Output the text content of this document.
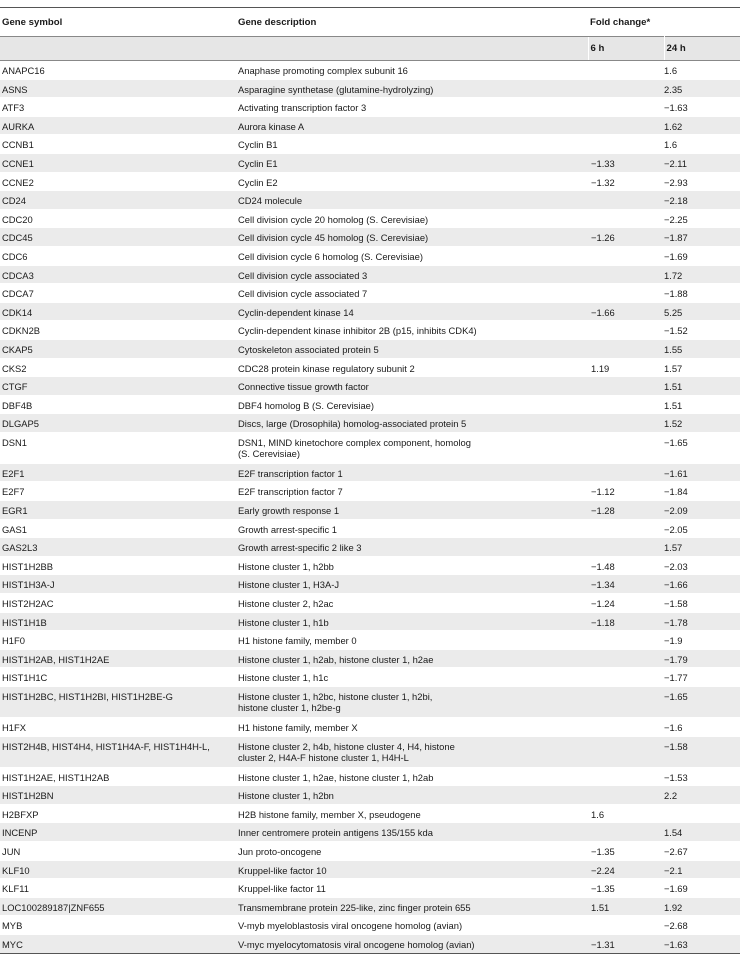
Gene symbol	Gene description	Fold change*	
		6 h	24 h
ANAPC16	Anaphase promoting complex subunit 16		1.6
ASNS	Asparagine synthetase (glutamine-hydrolyzing)		2.35
ATF3	Activating transcription factor 3		−1.63
AURKA	Aurora kinase A		1.62
CCNB1	Cyclin B1		1.6
CCNE1	Cyclin E1	−1.33	−2.11
CCNE2	Cyclin E2	−1.32	−2.93
CD24	CD24 molecule		−2.18
CDC20	Cell division cycle 20 homolog (S. Cerevisiae)		−2.25
CDC45	Cell division cycle 45 homolog (S. Cerevisiae)	−1.26	−1.87
CDC6	Cell division cycle 6 homolog (S. Cerevisiae)		−1.69
CDCA3	Cell division cycle associated 3		1.72
CDCA7	Cell division cycle associated 7		−1.88
CDK14	Cyclin-dependent kinase 14	−1.66	5.25
CDKN2B	Cyclin-dependent kinase inhibitor 2B (p15, inhibits CDK4)		−1.52
CKAP5	Cytoskeleton associated protein 5		1.55
CKS2	CDC28 protein kinase regulatory subunit 2	1.19	1.57
CTGF	Connective tissue growth factor		1.51
DBF4B	DBF4 homolog B (S. Cerevisiae)		1.51
DLGAP5	Discs, large (Drosophila) homolog-associated protein 5		1.52
DSN1	DSN1, MIND kinetochore complex component, homolog
(S. Cerevisiae)		−1.65
E2F1	E2F transcription factor 1		−1.61
E2F7	E2F transcription factor 7	−1.12	−1.84
EGR1	Early growth response 1	−1.28	−2.09
GAS1	Growth arrest-specific 1		−2.05
GAS2L3	Growth arrest-specific 2 like 3		1.57
HIST1H2BB	Histone cluster 1, h2bb	−1.48	−2.03
HIST1H3A-J	Histone cluster 1, H3A-J	−1.34	−1.66
HIST2H2AC	Histone cluster 2, h2ac	−1.24	−1.58
HIST1H1B	Histone cluster 1, h1b	−1.18	−1.78
H1F0	H1 histone family, member 0		−1.9
HIST1H2AB, HIST1H2AE	Histone cluster 1, h2ab, histone cluster 1, h2ae		−1.79
HIST1H1C	Histone cluster 1, h1c		−1.77
HIST1H2BC, HIST1H2BI, HIST1H2BE-G	Histone cluster 1, h2bc, histone cluster 1, h2bi,
histone cluster 1, h2be-g		−1.65
H1FX	H1 histone family, member X		−1.6
HIST2H4B, HIST4H4, HIST1H4A-F, HIST1H4H-L,	Histone cluster 2, h4b, histone cluster 4, H4, histone
cluster 2, H4A-F histone cluster 1, H4H-L		−1.58
HIST1H2AE, HIST1H2AB	Histone cluster 1, h2ae, histone cluster 1, h2ab		−1.53
HIST1H2BN	Histone cluster 1, h2bn		2.2
H2BFXP	H2B histone family, member X, pseudogene	1.6	
INCENP	Inner centromere protein antigens 135/155 kda		1.54
JUN	Jun proto-oncogene	−1.35	−2.67
KLF10	Kruppel-like factor 10	−2.24	−2.1
KLF11	Kruppel-like factor 11	−1.35	−1.69
LOC100289187|ZNF655	Transmembrane protein 225-like, zinc finger protein 655	1.51	1.92
MYB	V-myb myeloblastosis viral oncogene homolog (avian)		−2.68
MYC	V-myc myelocytomatosis viral oncogene homolog (avian)	−1.31	−1.63
